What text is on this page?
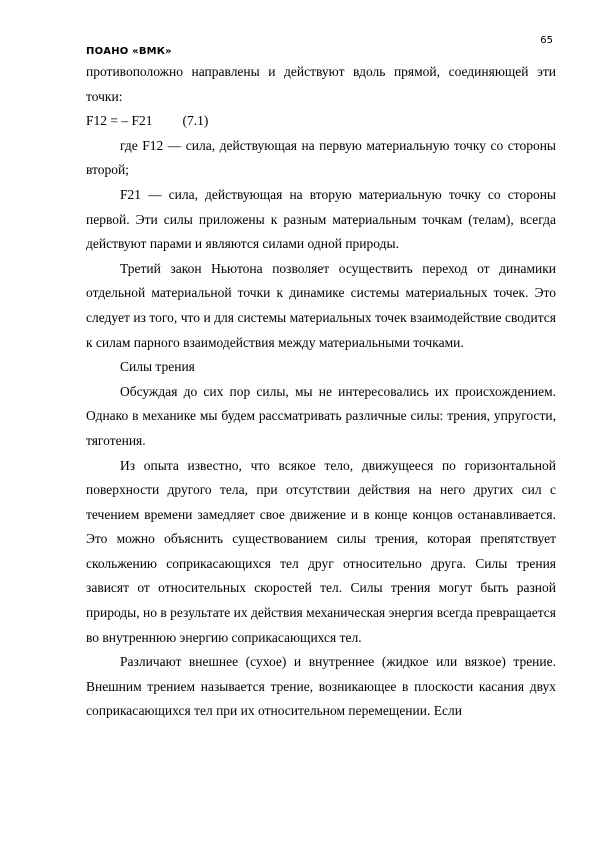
65
ПОАНО «ВМК»

противоположно направлены и действуют вдоль прямой, соединяющей эти точки:

F12 = – F21 (7.1)

где F12 — сила, действующая на первую материальную точку со стороны второй;

F21 — сила, действующая на вторую материальную точку со стороны первой. Эти силы приложены к разным материальным точкам (телам), всегда действуют парами и являются силами одной природы.

Третий закон Ньютона позволяет осуществить переход от динамики отдельной материальной точки к динамике системы материальных точек. Это следует из того, что и для системы материальных точек взаимодействие сводится к силам парного взаимодействия между материальными точками.

Силы трения

Обсуждая до сих пор силы, мы не интересовались их происхождением. Однако в механике мы будем рассматривать различные силы: трения, упругости, тяготения.

Из опыта известно, что всякое тело, движущееся по горизонтальной поверхности другого тела, при отсутствии действия на него других сил с течением времени замедляет свое движение и в конце концов останавливается. Это можно объяснить существованием силы трения, которая препятствует скольжению соприкасающихся тел друг относительно друга. Силы трения зависят от относительных скоростей тел. Силы трения могут быть разной природы, но в результате их действия механическая энергия всегда превращается во внутреннюю энергию соприкасающихся тел.

Различают внешнее (сухое) и внутреннее (жидкое или вязкое) трение. Внешним трением называется трение, возникающее в плоскости касания двух соприкасающихся тел при их относительном перемещении. Если
